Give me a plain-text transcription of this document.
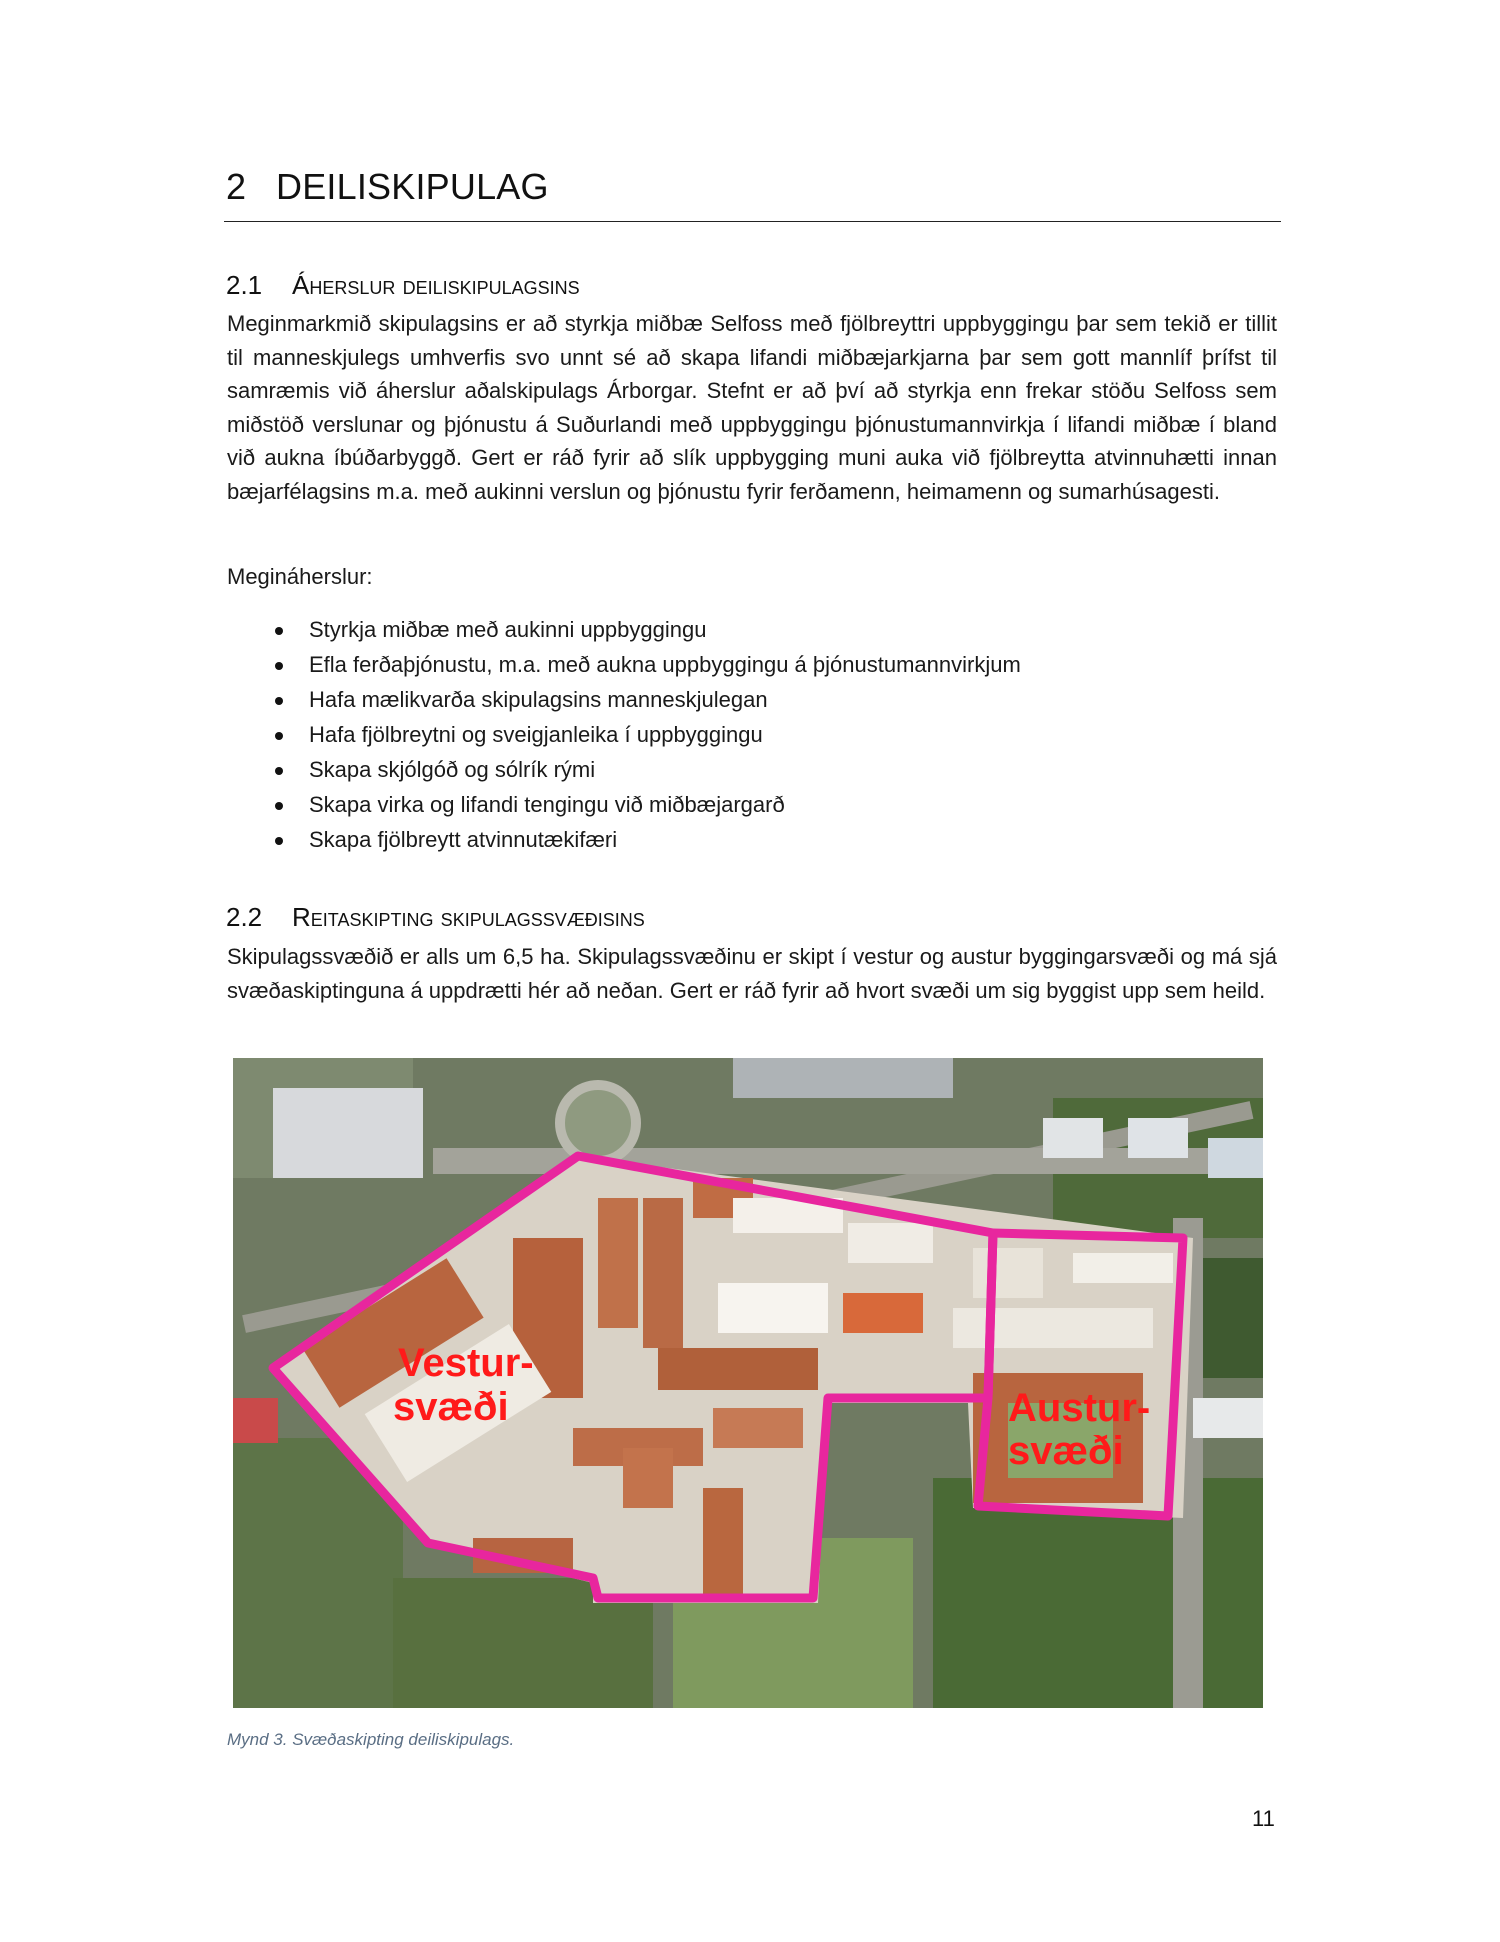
2 DEILISKIPULAG
2.1 Áherslur deiliskipulagsins

Meginmarkmið skipulagsins er að styrkja miðbæ Selfoss með fjölbreyttri uppbyggingu þar sem tekið er tillit til manneskjulegs umhverfis svo unnt sé að skapa lifandi miðbæjarkjarna þar sem gott mannlíf þrífst til samræmis við áherslur aðalskipulags Árborgar. Stefnt er að því að styrkja enn frekar stöðu Selfoss sem miðstöð verslunar og þjónustu á Suðurlandi með uppbyggingu þjónustumannvirkja í lifandi miðbæ í bland við aukna íbúðarbyggð. Gert er ráð fyrir að slík uppbygging muni auka við fjölbreytta atvinnuhætti innan bæjarfélagsins m.a. með aukinni verslun og þjónustu fyrir ferðamenn, heimamenn og sumarhúsagesti.

Megináherslur:

Styrkja miðbæ með aukinni uppbyggingu
Efla ferðaþjónustu, m.a. með aukna uppbyggingu á þjónustumannvirkjum
Hafa mælikvarða skipulagsins manneskjulegan
Hafa fjölbreytni og sveigjanleika í uppbyggingu
Skapa skjólgóð og sólrík rými
Skapa virka og lifandi tengingu við miðbæjargarð
Skapa fjölbreytt atvinnutækifæri
2.2 Reitaskipting skipulagssvæðisins

Skipulagssvæðið er alls um 6,5 ha. Skipulagssvæðinu er skipt í vestur og austur byggingarsvæði og má sjá svæðaskiptinguna á uppdrætti hér að neðan. Gert er ráð fyrir að hvort svæði um sig byggist upp sem heild.

Vestur-
svæði	Austur-
svæði
Mynd 3. Svæðaskipting deiliskipulags.
11
